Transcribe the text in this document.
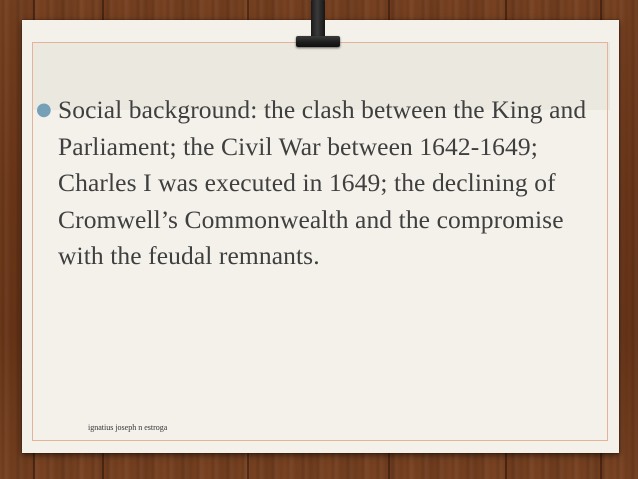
● Social background: the clash between the King and Parliament; the Civil War between 1642-1649; Charles I was executed in 1649; the declining of Cromwell’s Commonwealth and the compromise with the feudal remnants.
ignatius joseph n estroga
